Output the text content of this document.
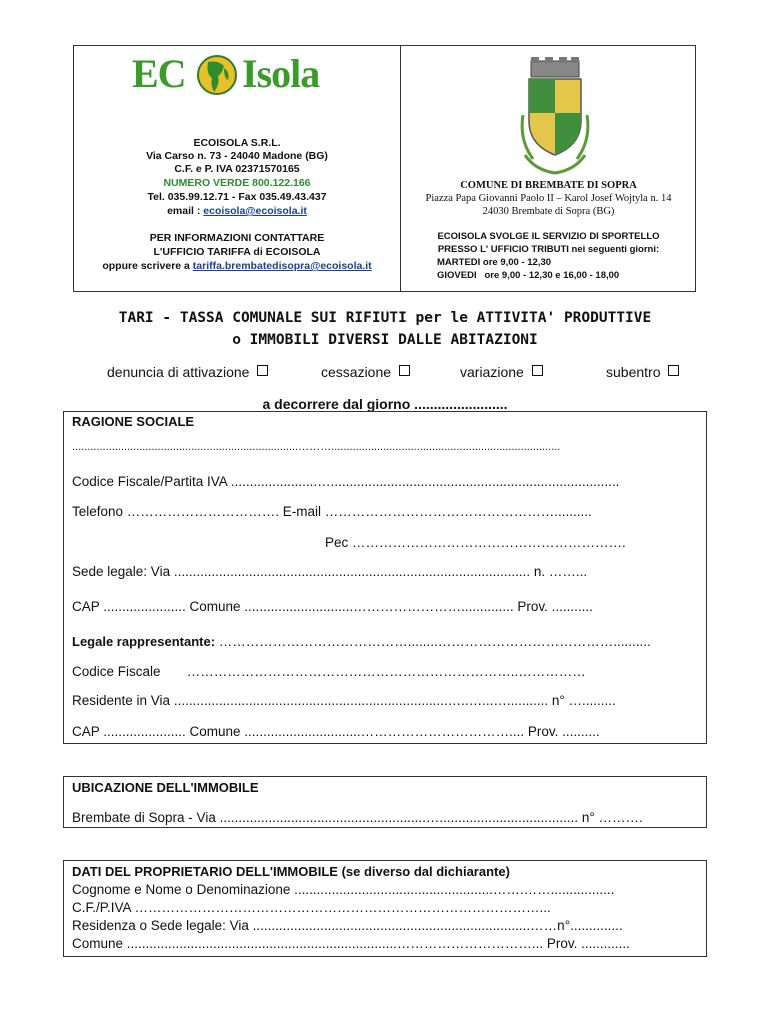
EC Isola
ECOISOLA S.R.L.
Via Carso n. 73 - 24040 Madone (BG)
C.F. e P. IVA 02371570165
NUMERO VERDE 800.122.166
Tel. 035.99.12.71 - Fax 035.49.43.437
email : ecoisola@ecoisola.it
PER INFORMAZIONI CONTATTARE
L'UFFICIO TARIFFA di ECOISOLA
oppure scrivere a tariffa.brembatedisopra@ecoisola.it
COMUNE DI BREMBATE DI SOPRA
Piazza Papa Giovanni Paolo II – Karol Josef Wojtyla n. 14
24030 Brembate di Sopra (BG)
ECOISOLA SVOLGE IL SERVIZIO DI SPORTELLO
PRESSO L' UFFICIO TRIBUTI nei seguenti giorni:
MARTEDI ore 9,00 - 12,30
GIOVEDI   ore 9,00 - 12,30 e 16,00 - 18,00
TARI - TASSA COMUNALE SUI RIFIUTI per le ATTIVITA' PRODUTTIVE
o IMMOBILI DIVERSI DALLE ABITAZIONI
denuncia di attivazione	cessazione	variazione	subentro
a decorrere dal giorno ........................
RAGIONE SOCIALE
..........................................................................………...........................................................................
Codice Fiscale/Partita IVA .......................….............................................................................
Telefono ……………………………. E-mail ……………………………………………..........
Pec …………………………………………………….
Sede legale: Via ............................................................................................... n. ……...
CAP ...................... Comune .............................…………………….............. Prov. ...........
Legale rappresentante: ……………………………………........…………………………………..........
Codice Fiscale       ………………………………………………………………..……………
Residente in Via .........................................................................…..…...…........... n° ….........
CAP ...................... Comune ...............................…………………………….... Prov. ..........
UBICAZIONE DELL'IMMOBILE
Brembate di Sopra - Via .......................................................…..................................... n° ……….
DATI DEL PROPRIETARIO DELL'IMMOBILE (se diverso dal dichiarante)
Cognome e Nome o Denominazione .....................................................…….…….................
C.F./P.IVA ………………………………………………………………………………...
Residenza o Sede legale: Via ..........................................................................……n°..............
Comune ........................................................................…………………………... Prov. .............
